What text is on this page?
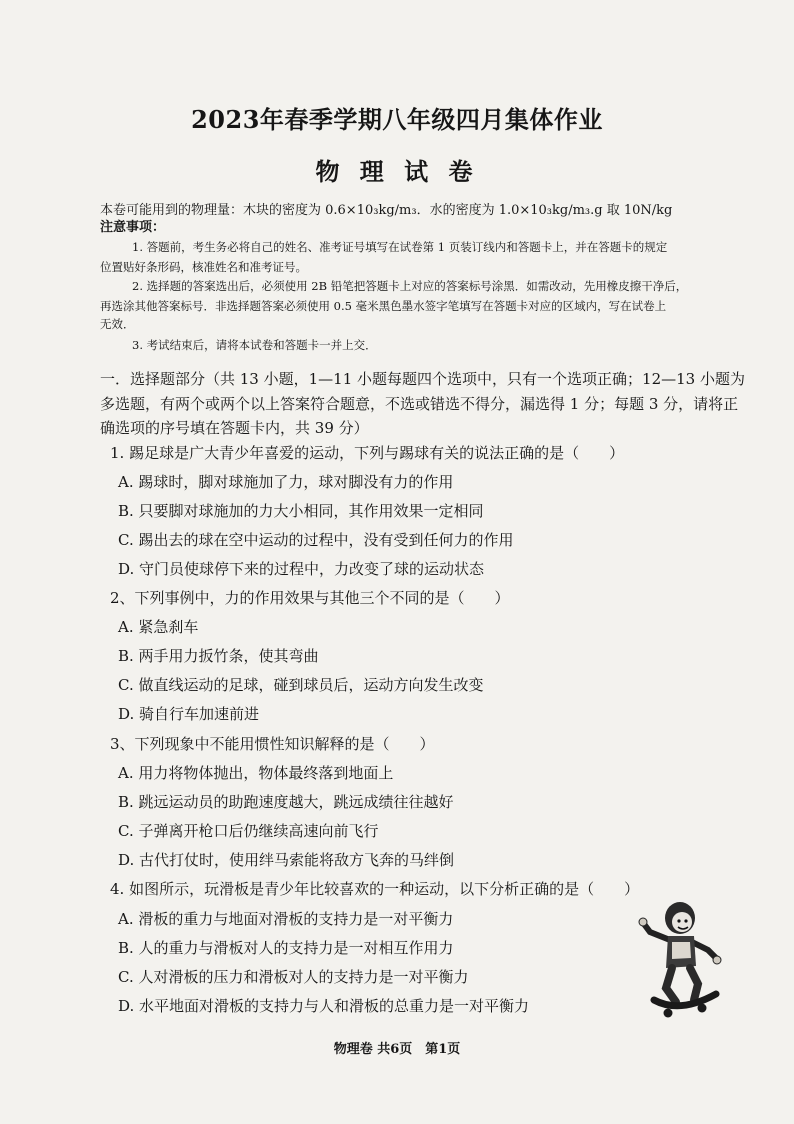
2023年春季学期八年级四月集体作业
物 理 试 卷
本卷可能用到的物理量：木块的密度为 0.6×10₃kg/m₃．水的密度为 1.0×10₃kg/m₃.g 取 10N/kg
注意事项：
1. 答题前，考生务必将自己的姓名、准考证号填写在试卷第 1 页装订线内和答题卡上，并在答题卡的规定
位置贴好条形码，核准姓名和准考证号。
2. 选择题的答案选出后，必须使用 2B 铅笔把答题卡上对应的答案标号涂黑．如需改动，先用橡皮擦干净后，
再选涂其他答案标号．非选择题答案必须使用 0.5 毫米黑色墨水签字笔填写在答题卡对应的区域内，写在试卷上
无效．
3. 考试结束后，请将本试卷和答题卡一并上交．
一．选择题部分（共 13 小题，1—11 小题每题四个选项中，只有一个选项正确；12—13 小题为
多选题，有两个或两个以上答案符合题意，不选或错选不得分，漏选得 1 分；每题 3 分，请将正
确选项的序号填在答题卡内，共 39 分）
1. 踢足球是广大青少年喜爱的运动，下列与踢球有关的说法正确的是（　　）
A. 踢球时，脚对球施加了力，球对脚没有力的作用
B. 只要脚对球施加的力大小相同，其作用效果一定相同
C. 踢出去的球在空中运动的过程中，没有受到任何力的作用
D. 守门员使球停下来的过程中，力改变了球的运动状态
2、下列事例中，力的作用效果与其他三个不同的是（　　）
A. 紧急刹车
B. 两手用力扳竹条，使其弯曲
C. 做直线运动的足球，碰到球员后，运动方向发生改变
D. 骑自行车加速前进
3、下列现象中不能用惯性知识解释的是（　　）
A. 用力将物体抛出，物体最终落到地面上
B. 跳远运动员的助跑速度越大，跳远成绩往往越好
C. 子弹离开枪口后仍继续高速向前飞行
D. 古代打仗时，使用绊马索能将敌方飞奔的马绊倒
4. 如图所示，玩滑板是青少年比较喜欢的一种运动，以下分析正确的是（　　）
A. 滑板的重力与地面对滑板的支持力是一对平衡力
B. 人的重力与滑板对人的支持力是一对相互作用力
C. 人对滑板的压力和滑板对人的支持力是一对平衡力
D. 水平地面对滑板的支持力与人和滑板的总重力是一对平衡力
物理卷 共6页　第1页
